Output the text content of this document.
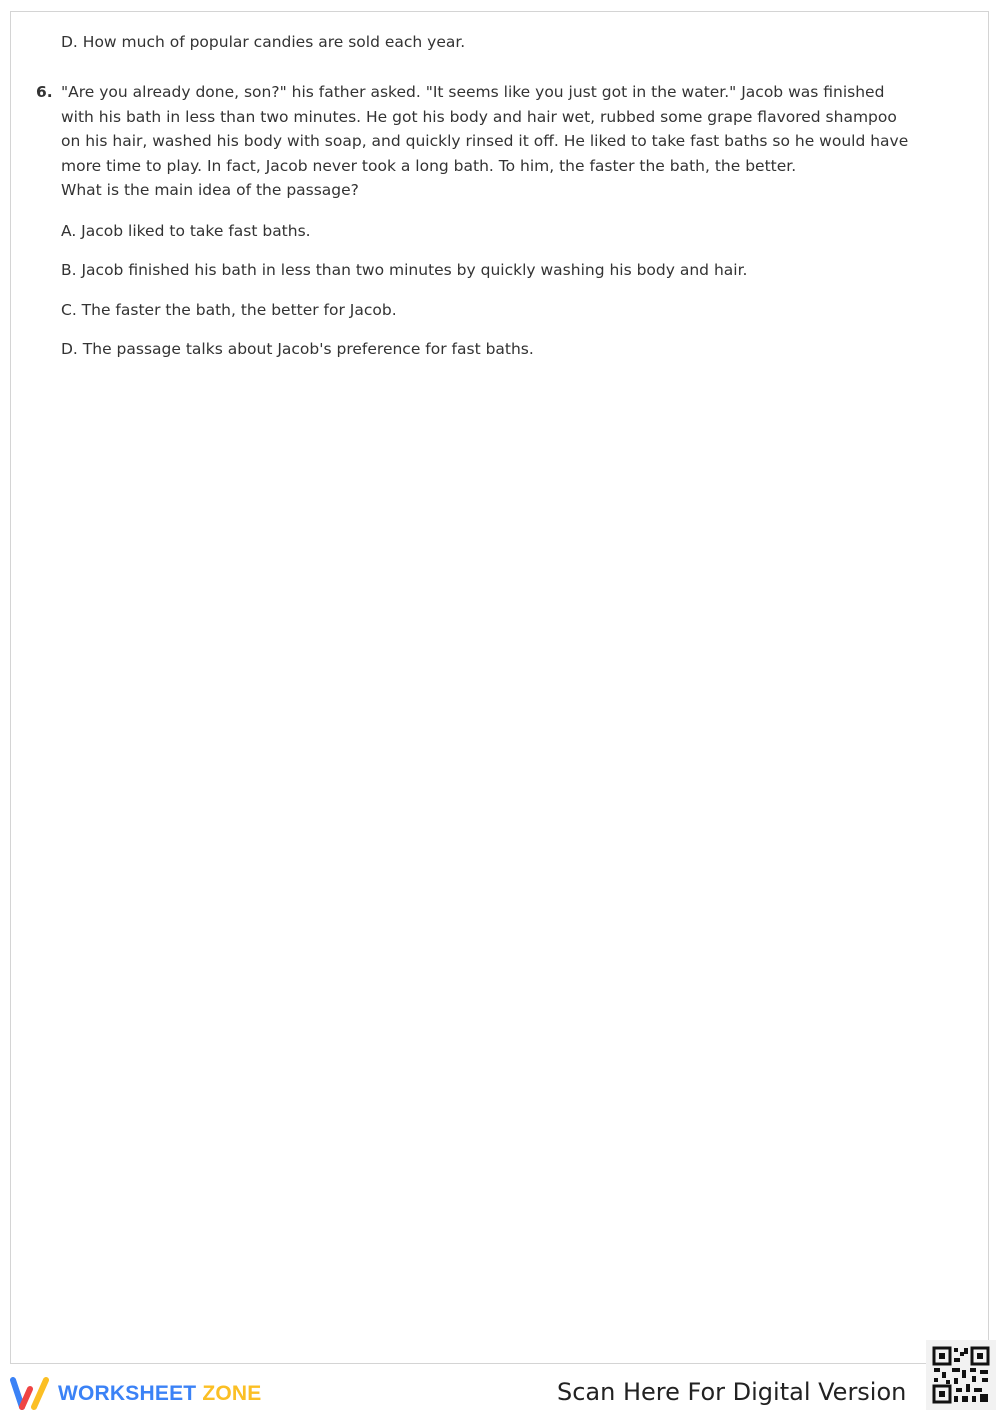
D. How much of popular candies are sold each year.
6. "Are you already done, son?" his father asked. "It seems like you just got in the water." Jacob was finished
with his bath in less than two minutes. He got his body and hair wet, rubbed some grape flavored shampoo
on his hair, washed his body with soap, and quickly rinsed it off. He liked to take fast baths so he would have
more time to play. In fact, Jacob never took a long bath. To him, the faster the bath, the better.
What is the main idea of the passage?
A. Jacob liked to take fast baths.
B. Jacob finished his bath in less than two minutes by quickly washing his body and hair.
C. The faster the bath, the better for Jacob.
D. The passage talks about Jacob's preference for fast baths.
WORKSHEET ZONE	Scan Here For Digital Version
